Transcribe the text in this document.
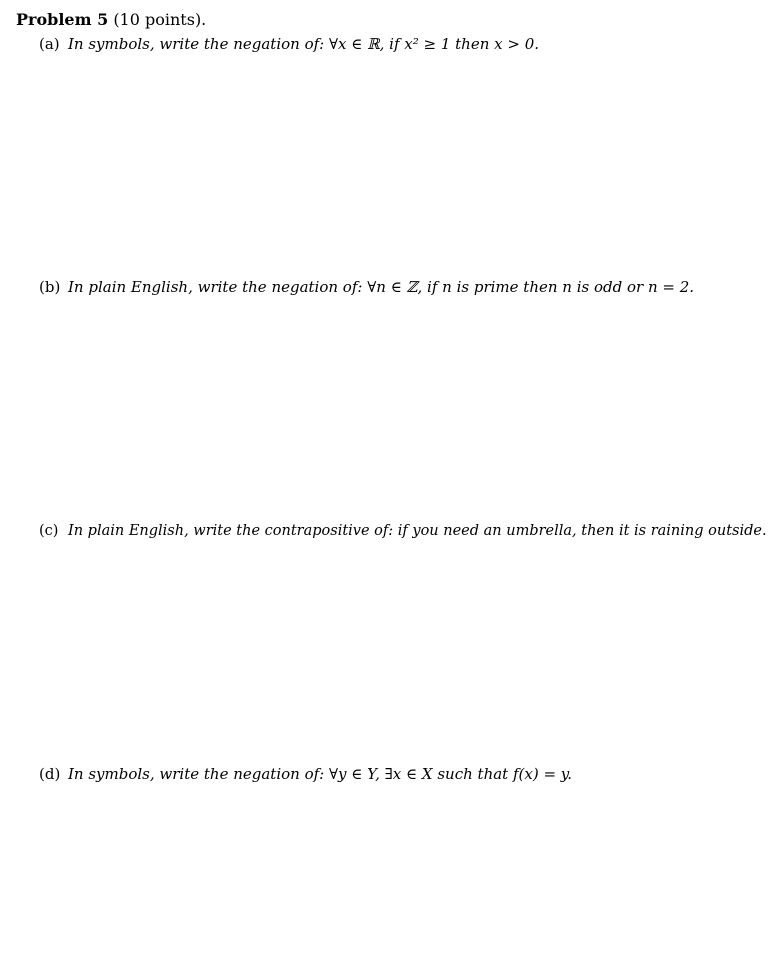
Problem 5 (10 points).
(a) In symbols, write the negation of: ∀x ∈ ℝ, if x² ≥ 1 then x > 0.
(b) In plain English, write the negation of: ∀n ∈ ℤ, if n is prime then n is odd or n = 2.
(c) In plain English, write the contrapositive of: if you need an umbrella, then it is raining outside.
(d) In symbols, write the negation of: ∀y ∈ Y, ∃x ∈ X such that f(x) = y.
